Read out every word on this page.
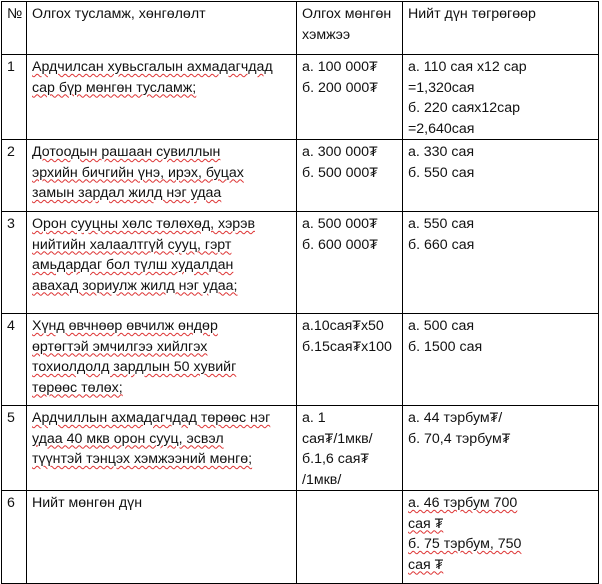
№	Олгох тусламж, хөнгөлөлт	Олгох мөнгөн
хэмжээ	Нийт дүн төгрөгөөр
1	Ардчилсан хувьсгалын ахмадагчдад
сар бүр мөнгөн тусламж;	а. 100 000₮
б. 200 000₮	а. 110 сая х12 сар
=1,320сая
б. 220 саях12сар
=2,640сая

2	Дотоодын рашаан сувиллын
эрхийн бичгийн үнэ, ирэх, буцах
замын зардал жилд нэг удаа	а. 300 000₮
б. 500 000₮	а. 330 сая
б. 550 сая

3	Орон сууцны хөлс төлөхөд, хэрэв
нийтийн халаалтгүй сууц, гэрт
амьдардаг бол түлш худалдан
авахад зориулж жилд нэг удаа;	а. 500 000₮
б. 600 000₮	а. 550 сая
б. 660 сая

4	Хүнд өвчнөөр өвчилж өндөр
өртөгтэй эмчилгээ хийлгэх
тохиолдолд зардлын 50 хувийг
төрөөс төлөх;	а.10сая₮х50
б.15сая₮х100	а. 500 сая
б. 1500 сая

5	Ардчиллын ахмадагчдад төрөөс нэг
удаа 40 мкв орон сууц, эсвэл
түүнтэй тэнцэх хэмжээний мөнгө;	а. 1
сая₮/1мкв/
б.1,6 сая₮
/1мкв/	а. 44 тэрбум₮/
б. 70,4 тэрбум₮

6	Нийт мөнгөн дүн		а. 46 тэрбум 700
сая ₮
б. 75 тэрбум, 750
сая ₮
